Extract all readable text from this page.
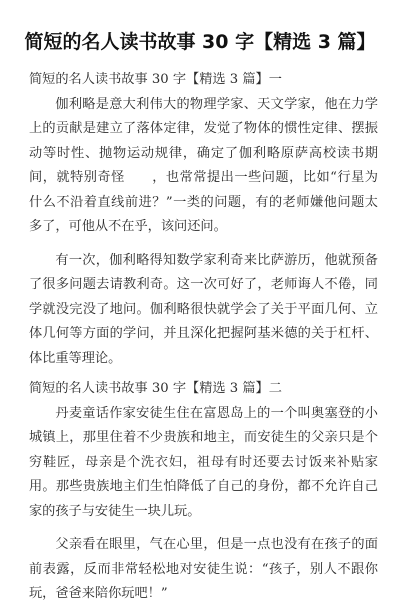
简短的名人读书故事 30 字【精选 3 篇】

简短的名人读书故事 30 字【精选 3 篇】一

伽利略是意大利伟大的物理学家、天文学家，他在力学上的贡献是建立了落体定律，发觉了物体的惯性定律、摆振动等时性、抛物运动规律，确定了伽利略原萨高校读书期间，就特别奇怪　　，也常常提出一些问题，比如“行星为什么不沿着直线前进？”一类的问题，有的老师嫌他问题太多了，可他从不在乎，该问还问。

有一次，伽利略得知数学家利奇来比萨游历，他就预备了很多问题去请教利奇。这一次可好了，老师诲人不倦，同学就没完没了地问。伽利略很快就学会了关于平面几何、立体几何等方面的学问，并且深化把握阿基米德的关于杠杆、体比重等理论。

简短的名人读书故事 30 字【精选 3 篇】二

丹麦童话作家安徒生住在富恩岛上的一个叫奥塞登的小城镇上，那里住着不少贵族和地主，而安徒生的父亲只是个穷鞋匠，母亲是个洗衣妇，祖母有时还要去讨饭来补贴家用。那些贵族地主们生怕降低了自己的身份，都不允许自己家的孩子与安徒生一块儿玩。

父亲看在眼里，气在心里，但是一点也没有在孩子的面前表露，反而非常轻松地对安徒生说：“孩子，别人不跟你玩，爸爸来陪你玩吧！”
